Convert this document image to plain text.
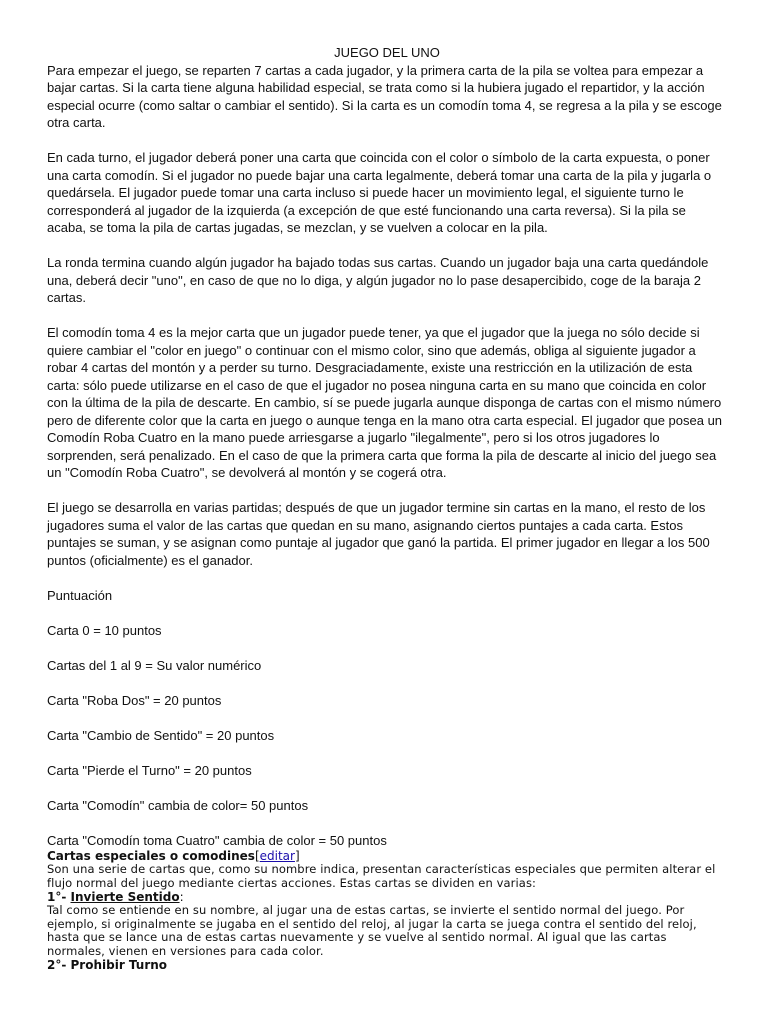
JUEGO DEL UNO

Para empezar el juego, se reparten 7 cartas a cada jugador, y la primera carta de la pila se voltea para empezar a bajar cartas. Si la carta tiene alguna habilidad especial, se trata como si la hubiera jugado el repartidor, y la acción especial ocurre (como saltar o cambiar el sentido). Si la carta es un comodín toma 4, se regresa a la pila y se escoge otra carta.

En cada turno, el jugador deberá poner una carta que coincida con el color o símbolo de la carta expuesta, o poner una carta comodín. Si el jugador no puede bajar una carta legalmente, deberá tomar una carta de la pila y jugarla o quedársela. El jugador puede tomar una carta incluso si puede hacer un movimiento legal, el siguiente turno le corresponderá al jugador de la izquierda (a excepción de que esté funcionando una carta reversa). Si la pila se acaba, se toma la pila de cartas jugadas, se mezclan, y se vuelven a colocar en la pila.

La ronda termina cuando algún jugador ha bajado todas sus cartas. Cuando un jugador baja una carta quedándole una, deberá decir "uno", en caso de que no lo diga, y algún jugador no lo pase desapercibido, coge de la baraja 2 cartas.

El comodín toma 4 es la mejor carta que un jugador puede tener, ya que el jugador que la juega no sólo decide si quiere cambiar el "color en juego" o continuar con el mismo color, sino que además, obliga al siguiente jugador a robar 4 cartas del montón y a perder su turno. Desgraciadamente, existe una restricción en la utilización de esta carta: sólo puede utilizarse en el caso de que el jugador no posea ninguna carta en su mano que coincida en color con la última de la pila de descarte. En cambio, sí se puede jugarla aunque disponga de cartas con el mismo número pero de diferente color que la carta en juego o aunque tenga en la mano otra carta especial. El jugador que posea un Comodín Roba Cuatro en la mano puede arriesgarse a jugarlo "ilegalmente", pero si los otros jugadores lo sorprenden, será penalizado. En el caso de que la primera carta que forma la pila de descarte al inicio del juego sea un "Comodín Roba Cuatro", se devolverá al montón y se cogerá otra.

El juego se desarrolla en varias partidas; después de que un jugador termine sin cartas en la mano, el resto de los jugadores suma el valor de las cartas que quedan en su mano, asignando ciertos puntajes a cada carta. Estos puntajes se suman, y se asignan como puntaje al jugador que ganó la partida. El primer jugador en llegar a los 500 puntos (oficialmente) es el ganador.

Puntuación

Carta 0 = 10 puntos

Cartas del 1 al 9 = Su valor numérico

Carta "Roba Dos" = 20 puntos

Carta "Cambio de Sentido" = 20 puntos

Carta "Pierde el Turno" = 20 puntos

Carta "Comodín" cambia de color= 50 puntos

Carta "Comodín toma Cuatro" cambia de color = 50 puntos

Cartas especiales o comodines[editar]

Son una serie de cartas que, como su nombre indica, presentan características especiales que permiten alterar el flujo normal del juego mediante ciertas acciones. Estas cartas se dividen en varias:

1°- Invierte Sentido:

Tal como se entiende en su nombre, al jugar una de estas cartas, se invierte el sentido normal del juego. Por ejemplo, si originalmente se jugaba en el sentido del reloj, al jugar la carta se juega contra el sentido del reloj, hasta que se lance una de estas cartas nuevamente y se vuelve al sentido normal. Al igual que las cartas normales, vienen en versiones para cada color.

2°- Prohibir Turno
